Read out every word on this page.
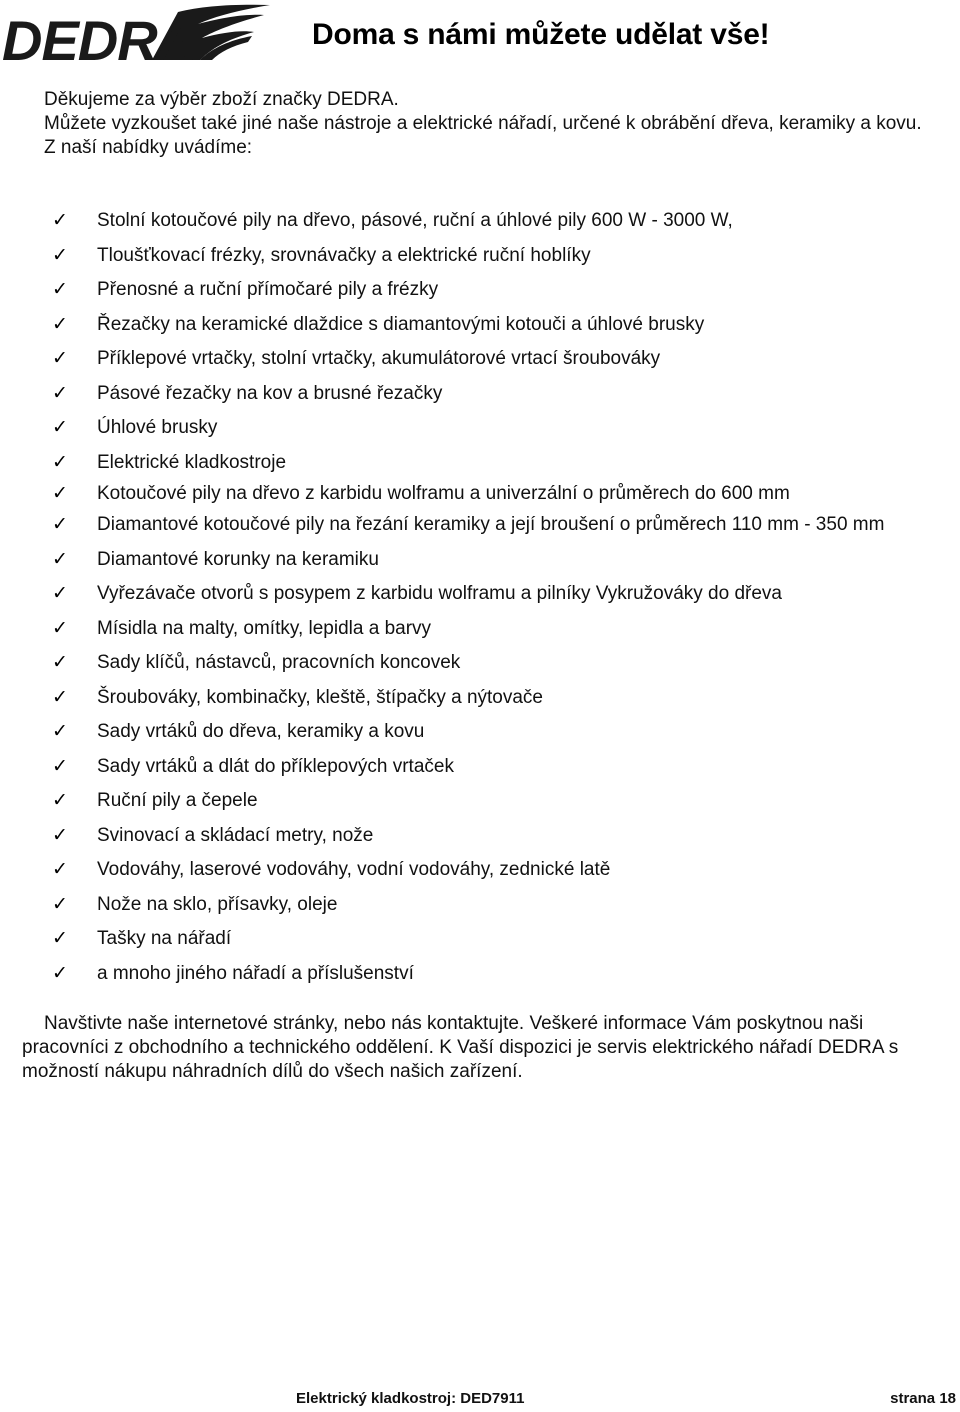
DEDRA	Doma s námi můžete udělat vše!

Děkujeme za výběr zboží značky DEDRA.

Můžete vyzkoušet také jiné naše nástroje a elektrické nářadí, určené k obrábění dřeva, keramiky a kovu.

Z naší nabídky uvádíme:

✓ Stolní kotoučové pily na dřevo, pásové, ruční a úhlové pily 600 W - 3000 W,
✓ Tloušťkovací frézky, srovnávačky a elektrické ruční hoblíky
✓ Přenosné a ruční přímočaré pily a frézky
✓ Řezačky na keramické dlaždice s diamantovými kotouči a úhlové brusky
✓ Příklepové vrtačky, stolní vrtačky, akumulátorové vrtací šroubováky
✓ Pásové řezačky na kov a brusné řezačky
✓ Úhlové brusky
✓ Elektrické kladkostroje
✓ Kotoučové pily na dřevo z karbidu wolframu a univerzální o průměrech do 600 mm
✓ Diamantové kotoučové pily na řezání keramiky a její broušení o průměrech 110 mm - 350 mm
✓ Diamantové korunky na keramiku
✓ Vyřezávače otvorů s posypem z karbidu wolframu a pilníky Vykružováky do dřeva
✓ Mísidla na malty, omítky, lepidla a barvy
✓ Sady klíčů, nástavců, pracovních koncovek
✓ Šroubováky, kombinačky, kleště, štípačky a nýtovače
✓ Sady vrtáků do dřeva, keramiky a kovu
✓ Sady vrtáků a dlát do příklepových vrtaček
✓ Ruční pily a čepele
✓ Svinovací a skládací metry, nože
✓ Vodováhy, laserové vodováhy, vodní vodováhy, zednické latě
✓ Nože na sklo, přísavky, oleje
✓ Tašky na nářadí
✓ a mnoho jiného nářadí a příslušenství

Navštivte naše internetové stránky, nebo nás kontaktujte. Veškeré informace Vám poskytnou naši pracovníci z obchodního a technického oddělení. K Vaší dispozici je servis elektrického nářadí DEDRA s možností nákupu náhradních dílů do všech našich zařízení.

Elektrický kladkostroj: DED7911	strana 18
